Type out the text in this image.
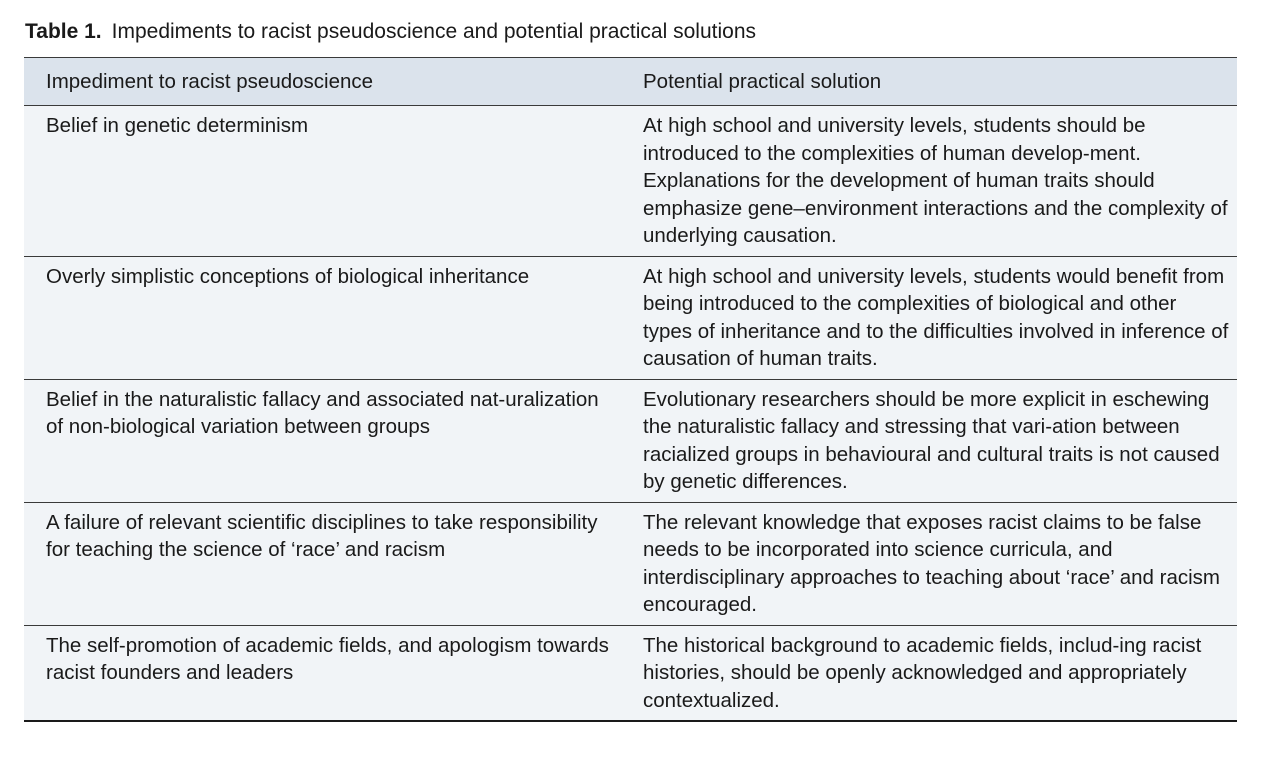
Table 1. Impediments to racist pseudoscience and potential practical solutions
Impediment to racist pseudoscience	Potential practical solution
Belief in genetic determinism	At high school and university levels, students should be introduced to the complexities of human develop-ment. Explanations for the development of human traits should emphasize gene–environment interactions and the complexity of underlying causation.
Overly simplistic conceptions of biological inheritance	At high school and university levels, students would benefit from being introduced to the complexities of biological and other types of inheritance and to the difficulties involved in inference of causation of human traits.
Belief in the naturalistic fallacy and associated nat-uralization of non-biological variation between groups	Evolutionary researchers should be more explicit in eschewing the naturalistic fallacy and stressing that vari-ation between racialized groups in behavioural and cultural traits is not caused by genetic differences.
A failure of relevant scientific disciplines to take responsibility for teaching the science of ‘race’ and racism	The relevant knowledge that exposes racist claims to be false needs to be incorporated into science curricula, and interdisciplinary approaches to teaching about ‘race’ and racism encouraged.
The self-promotion of academic fields, and apologism towards racist founders and leaders	The historical background to academic fields, includ-ing racist histories, should be openly acknowledged and appropriately contextualized.
